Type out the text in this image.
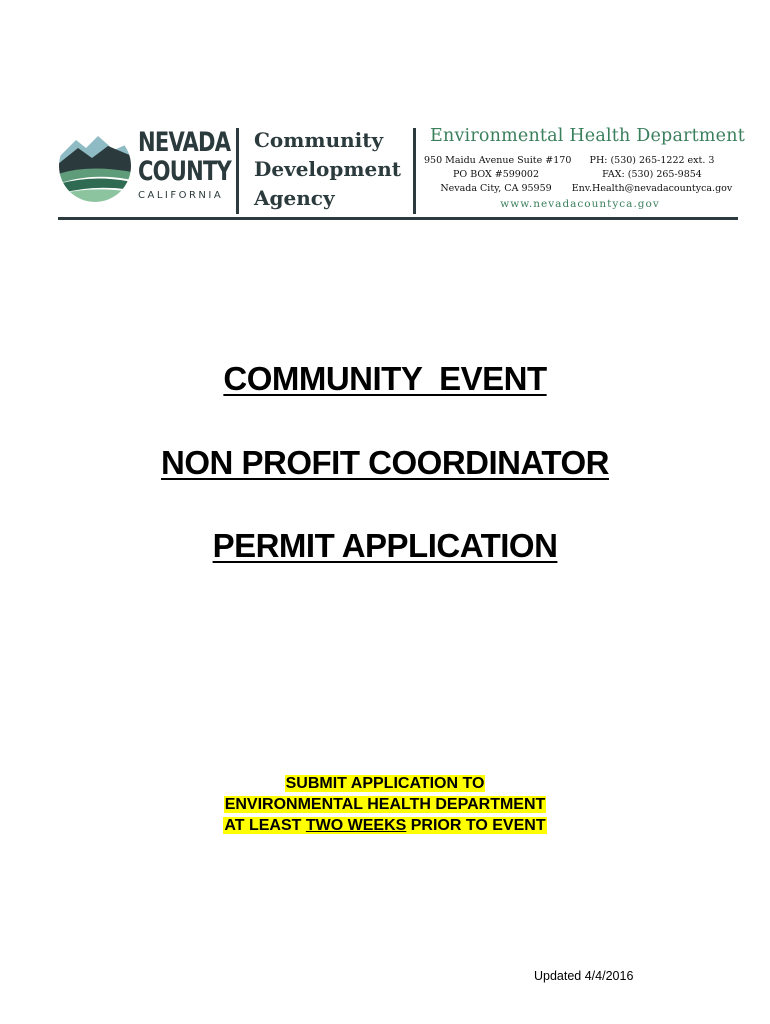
NEVADA
COUNTY
CALIFORNIA
Community
Development
Agency
Environmental Health Department
950 Maidu Avenue Suite #170
PO BOX #599002
Nevada City, CA 95959
PH: (530) 265-1222 ext. 3
FAX: (530) 265-9854
Env.Health@nevadacountyca.gov
www.nevadacountyca.gov
COMMUNITY  EVENT
NON PROFIT COORDINATOR
PERMIT APPLICATION
SUBMIT APPLICATION TO
ENVIRONMENTAL HEALTH DEPARTMENT
AT LEAST TWO WEEKS PRIOR TO EVENT
Updated 4/4/2016
